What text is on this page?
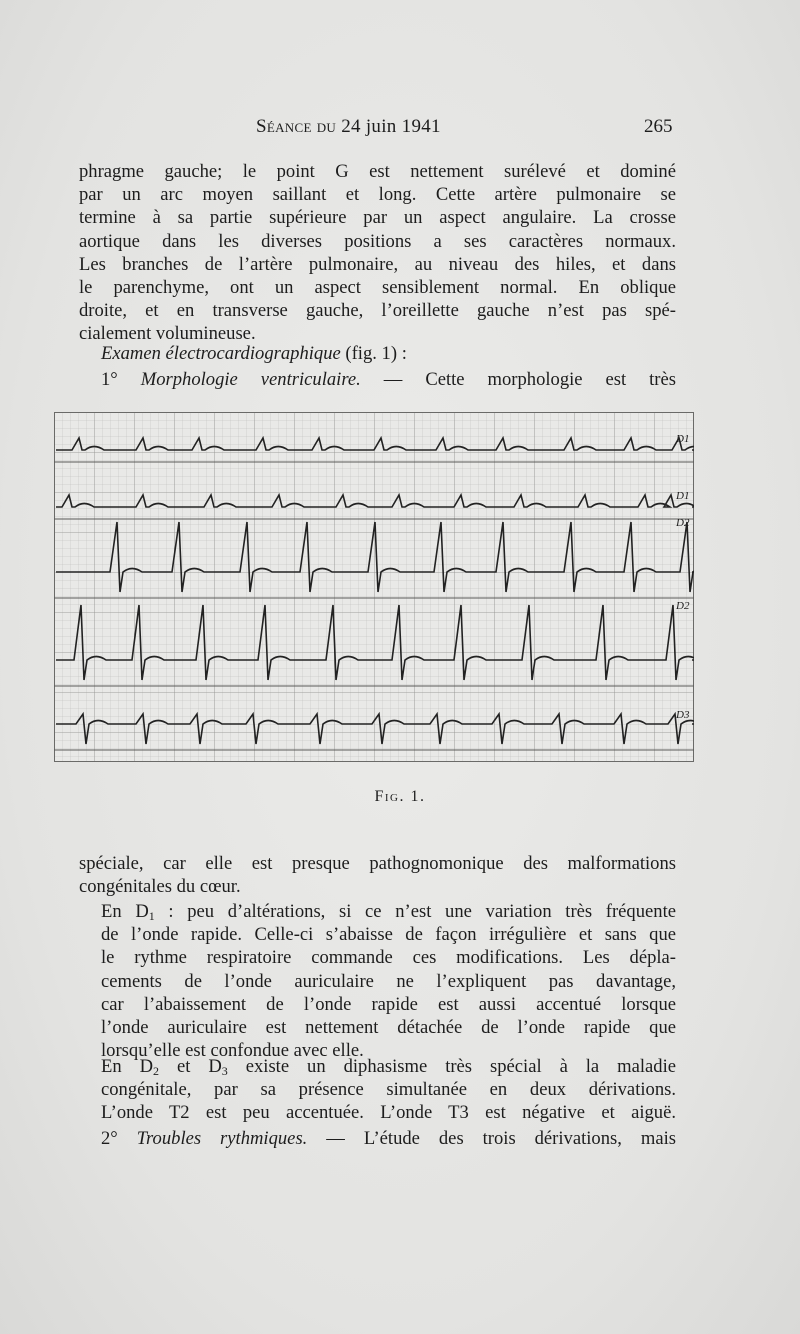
Séance du 24 juin 1941	265
phragme gauche; le point G est nettement surélevé et dominé
par un arc moyen saillant et long. Cette artère pulmonaire se
termine à sa partie supérieure par un aspect angulaire. La crosse
aortique dans les diverses positions a ses caractères normaux.
Les branches de l’artère pulmonaire, au niveau des hiles, et dans
le parenchyme, ont un aspect sensiblement normal. En oblique
droite, et en transverse gauche, l’oreillette gauche n’est pas spé-
cialement volumineuse.
Examen électrocardiographique (fig. 1) :
1° Morphologie ventriculaire. — Cette morphologie est très
D1
D1
D2
D2
D3
Fig. 1.
spéciale, car elle est presque pathognomonique des malformations
congénitales du cœur.
En $D_1$ : peu d’altérations, si ce n’est une variation très fréquente
de l’onde rapide. Celle-ci s’abaisse de façon irrégulière et sans que
le rythme respiratoire commande ces modifications. Les dépla-
cements de l’onde auriculaire ne l’expliquent pas davantage,
car l’abaissement de l’onde rapide est aussi accentué lorsque
l’onde auriculaire est nettement détachée de l’onde rapide que
lorsqu’elle est confondue avec elle.
En $D_2$ et $D_3$ existe un diphasisme très spécial à la maladie
congénitale, par sa présence simultanée en deux dérivations.
L’onde T2 est peu accentuée. L’onde T3 est négative et aiguë.
2° Troubles rythmiques. — L’étude des trois dérivations, mais
